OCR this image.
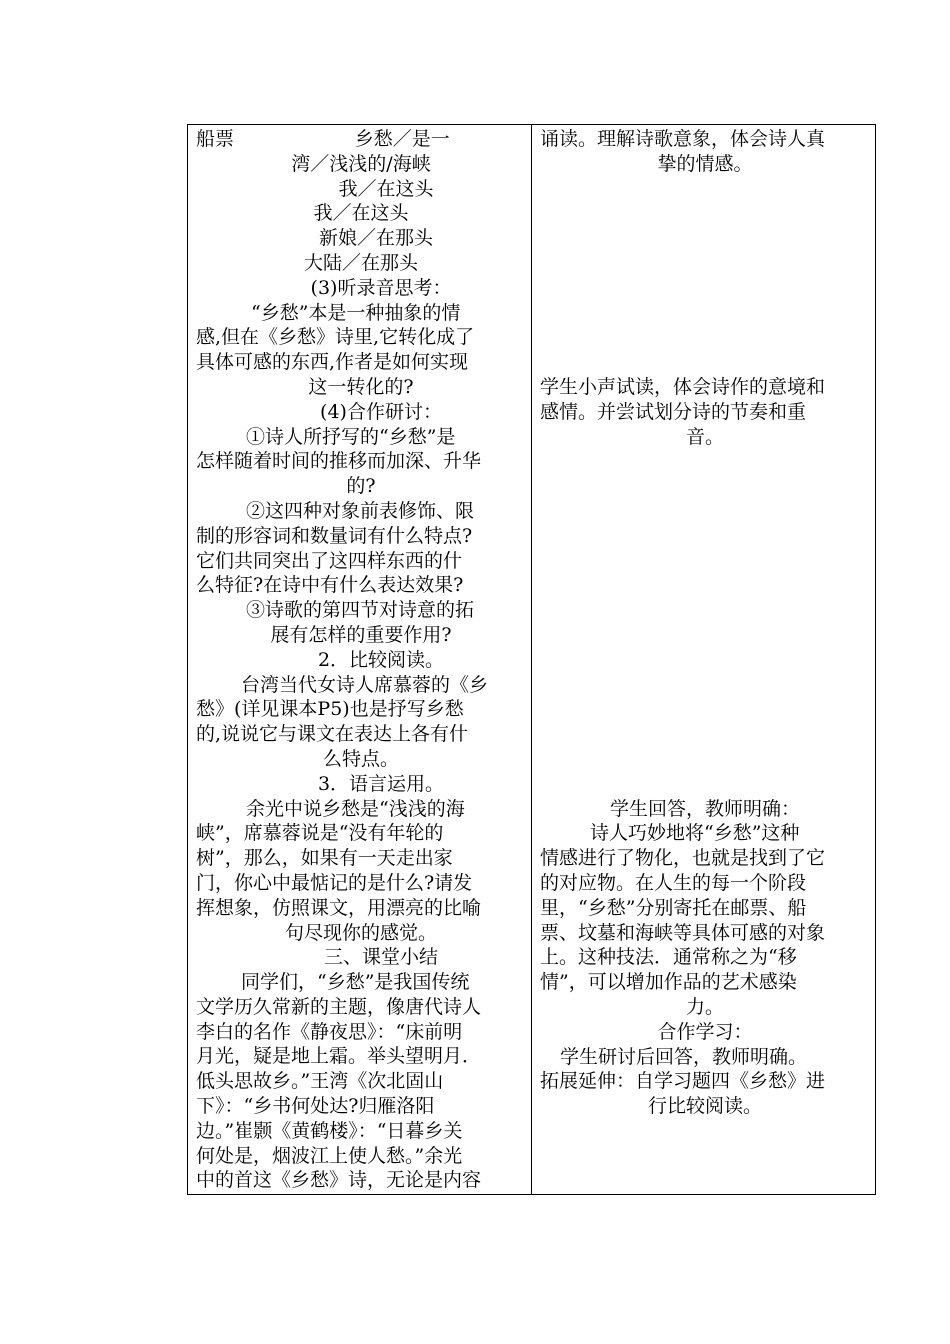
船票                    乡愁／是一
湾／浅浅的/海峡
我／在这头
我／在这头
新娘／在那头
大陆／在那头
(3)听录音思考：
“乡愁”本是一种抽象的情
感,但在《乡愁》诗里,它转化成了
具体可感的东西,作者是如何实现
这一转化的?
(4)合作研讨：
①诗人所抒写的“乡愁”是
怎样随着时间的推移而加深、升华
的?
②这四种对象前表修饰、限
制的形容词和数量词有什么特点?
它们共同突出了这四样东西的什
么特征?在诗中有什么表达效果?
③诗歌的第四节对诗意的拓
展有怎样的重要作用?
2．比较阅读。
台湾当代女诗人席慕蓉的《乡
愁》(详见课本P5)也是抒写乡愁
的,说说它与课文在表达上各有什
么特点。
3．语言运用。
余光中说乡愁是“浅浅的海
峡”，席慕蓉说是“没有年轮的
树”，那么，如果有一天走出家
门，你心中最惦记的是什么?请发
挥想象，仿照课文，用漂亮的比喻
句尽现你的感觉。
三、课堂小结
同学们，“乡愁”是我国传统
文学历久常新的主题，像唐代诗人
李白的名作《静夜思》：“床前明
月光，疑是地上霜。举头望明月．
低头思故乡。”王湾《次北固山
下》：“乡书何处达?归雁洛阳
边。”崔颢《黄鹤楼》：“日暮乡关
何处是，烟波江上使人愁。”余光
中的首这《乡愁》诗，无论是内容
诵读。理解诗歌意象，体会诗人真
挚的情感。
学生小声试读，体会诗作的意境和
感情。并尝试划分诗的节奏和重
音。
学生回答，教师明确：
诗人巧妙地将“乡愁”这种
情感进行了物化，也就是找到了它
的对应物。在人生的每一个阶段
里，“乡愁”分别寄托在邮票、船
票、坟墓和海峡等具体可感的对象
上。这种技法．通常称之为“移
情”，可以增加作品的艺术感染
力。
合作学习：
学生研讨后回答，教师明确。
拓展延伸：自学习题四《乡愁》进
行比较阅读。
